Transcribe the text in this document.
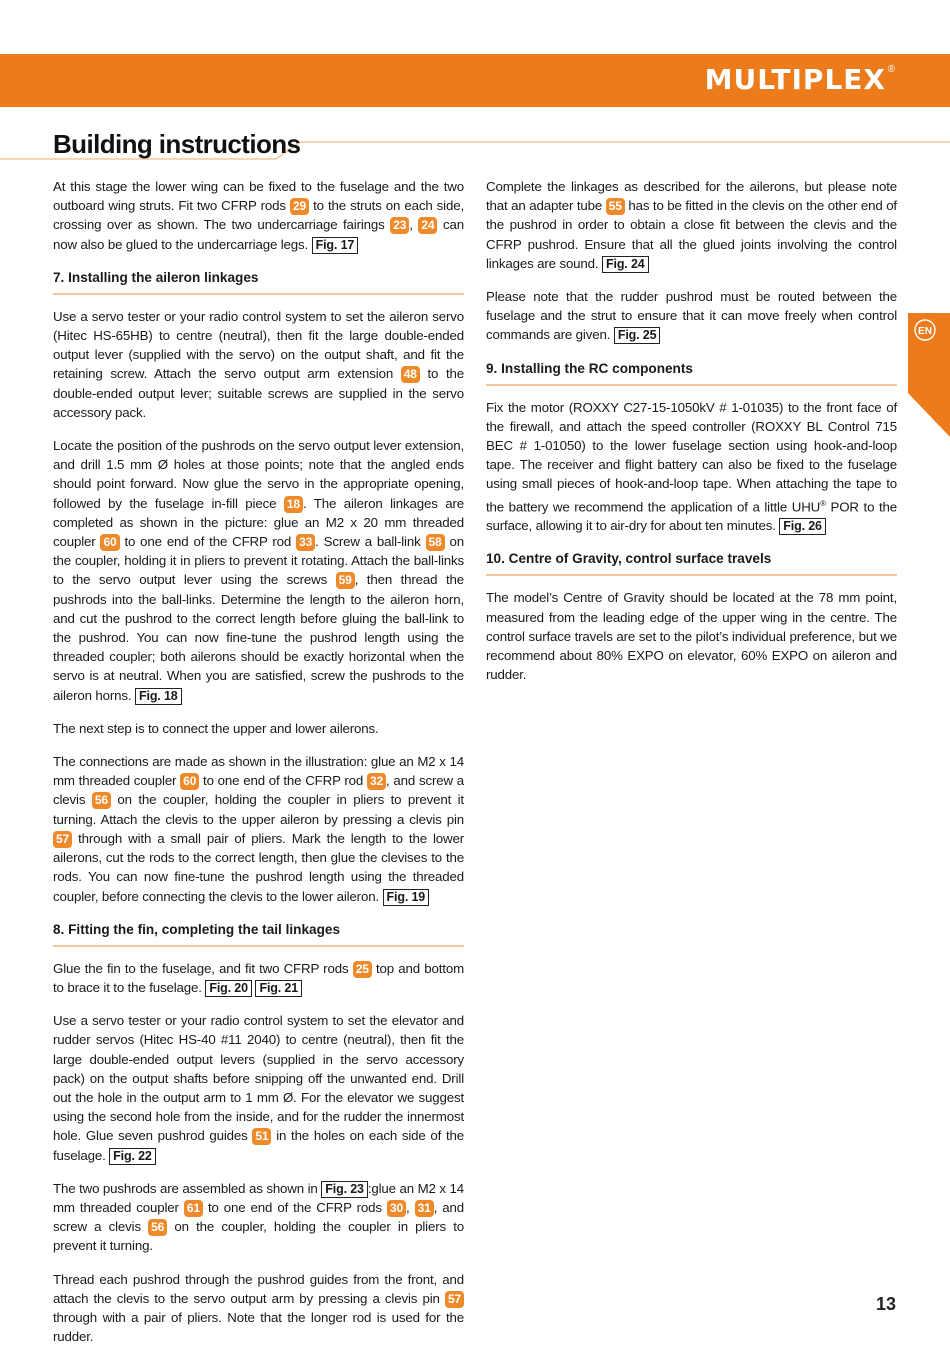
MULTIPLEX ®
Building instructions
EN

At this stage the lower wing can be fixed to the fuselage and the two outboard wing struts. Fit two CFRP rods 29 to the struts on each side, crossing over as shown. The two undercarriage fairings 23 , 24 can now also be glued to the undercarriage legs. Fig. 17

7. Installing the aileron linkages

Use a servo tester or your radio control system to set the aileron servo (Hitec HS-65HB) to centre (neutral), then fit the large double-ended output lever (supplied with the servo) on the output shaft, and fit the retaining screw. Attach the servo output arm extension 48 to the double-ended output lever; suitable screws are supplied in the servo accessory pack.

Locate the position of the pushrods on the servo output lever extension, and drill 1.5 mm Ø holes at those points; note that the angled ends should point forward. Now glue the servo in the appropriate opening, followed by the fuselage in-fill piece 18 . The aileron linkages are completed as shown in the picture: glue an M2 x 20 mm threaded coupler 60 to one end of the CFRP rod 33 . Screw a ball-link 58 on the coupler, holding it in pliers to prevent it rotating. Attach the ball-links to the servo output lever using the screws 59 , then thread the pushrods into the ball-links. Determine the length to the aileron horn, and cut the pushrod to the correct length before gluing the ball-link to the pushrod. You can now fine-tune the pushrod length using the threaded coupler; both ailerons should be exactly horizontal when the servo is at neutral. When you are satisfied, screw the pushrods to the aileron horns. Fig. 18

The next step is to connect the upper and lower ailerons.

The connections are made as shown in the illustration: glue an M2 x 14 mm threaded coupler 60 to one end of the CFRP rod 32 , and screw a clevis 56 on the coupler, holding the coupler in pliers to prevent it turning. Attach the clevis to the upper aileron by pressing a clevis pin 57 through with a small pair of pliers. Mark the length to the lower ailerons, cut the rods to the correct length, then glue the clevises to the rods. You can now fine-tune the pushrod length using the threaded coupler, before connecting the clevis to the lower aileron. Fig. 19

8. Fitting the fin, completing the tail linkages

Glue the fin to the fuselage, and fit two CFRP rods 25 top and bottom to brace it to the fuselage. Fig. 20 Fig. 21

Use a servo tester or your radio control system to set the elevator and rudder servos (Hitec HS-40 #11 2040) to centre (neutral), then fit the large double-ended output levers (supplied in the servo accessory pack) on the output shafts before snipping off the unwanted end. Drill out the hole in the output arm to 1 mm Ø. For the elevator we suggest using the second hole from the inside, and for the rudder the innermost hole. Glue seven pushrod guides 51 in the holes on each side of the fuselage. Fig. 22

The two pushrods are assembled as shown in Fig. 23 :glue an M2 x 14 mm threaded coupler 61 to one end of the CFRP rods 30 , 31 , and screw a clevis 56 on the coupler, holding the coupler in pliers to prevent it turning.

Thread each pushrod through the pushrod guides from the front, and attach the clevis to the servo output arm by pressing a clevis pin 57 through with a pair of pliers. Note that the longer rod is used for the rudder.

Complete the linkages as described for the ailerons, but please note that an adapter tube 55 has to be fitted in the clevis on the other end of the pushrod in order to obtain a close fit between the clevis and the CFRP pushrod. Ensure that all the glued joints involving the control linkages are sound. Fig. 24

Please note that the rudder pushrod must be routed between the fuselage and the strut to ensure that it can move freely when control commands are given. Fig. 25

9. Installing the RC components

Fix the motor (ROXXY C27-15-1050kV # 1-01035) to the front face of the firewall, and attach the speed controller (ROXXY BL Control 715 BEC # 1-01050) to the lower fuselage section using hook-and-loop tape. The receiver and flight battery can also be fixed to the fuselage using small pieces of hook-and-loop tape. When attaching the tape to the battery we recommend the application of a little UHU® POR to the surface, allowing it to air-dry for about ten minutes. Fig. 26

10. Centre of Gravity, control surface travels

The model’s Centre of Gravity should be located at the 78 mm point, measured from the leading edge of the upper wing in the centre. The control surface travels are set to the pilot’s individual preference, but we recommend about 80% EXPO on elevator, 60% EXPO on aileron and rudder.

13
